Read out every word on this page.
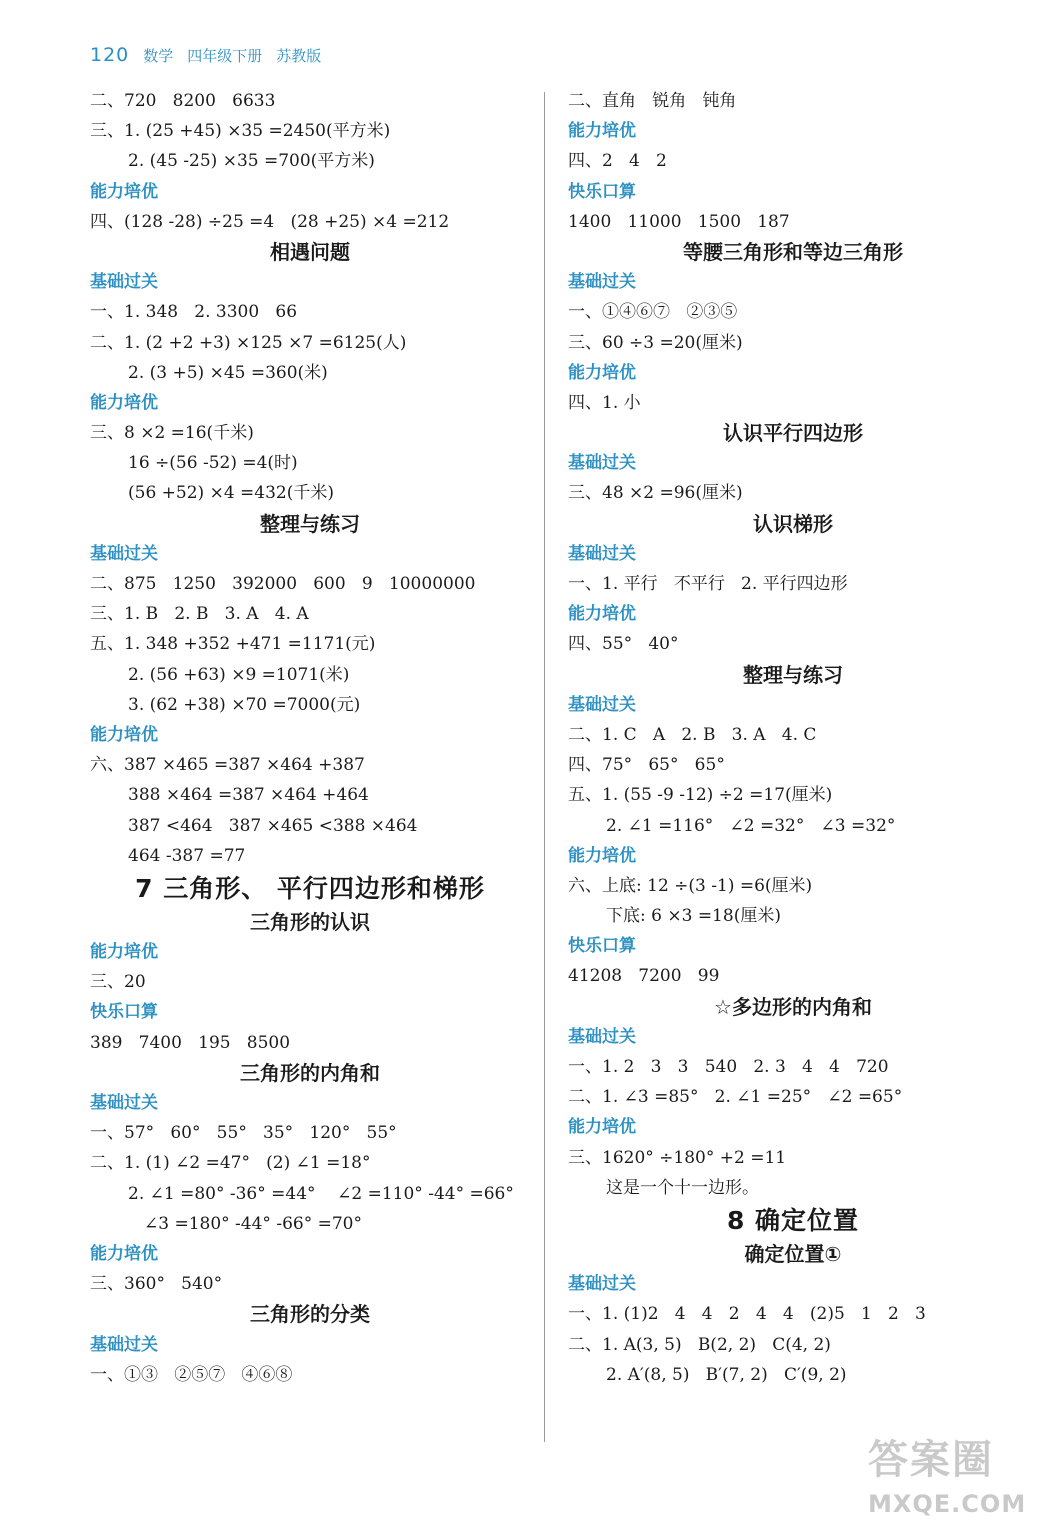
120 数学 四年级下册 苏教版
二、720   8200   6633
三、1. (25 +45) ×35 =2450(平方米)
2. (45 -25) ×35 =700(平方米)
能力培优
四、(128 -28) ÷25 =4   (28 +25) ×4 =212
相遇问题
基础过关
一、1. 348   2. 3300   66
二、1. (2 +2 +3) ×125 ×7 =6125(人)
2. (3 +5) ×45 =360(米)
能力培优
三、8 ×2 =16(千米)
16 ÷(56 -52) =4(时)
(56 +52) ×4 =432(千米)
整理与练习
基础过关
二、875   1250   392000   600   9   10000000
三、1. B   2. B   3. A   4. A
五、1. 348 +352 +471 =1171(元)
2. (56 +63) ×9 =1071(米)
3. (62 +38) ×70 =7000(元)
能力培优
六、387 ×465 =387 ×464 +387
388 ×464 =387 ×464 +464
387 <464   387 ×465 <388 ×464
464 -387 =77
7 三角形、 平行四边形和梯形
三角形的认识
能力培优
三、20
快乐口算
389   7400   195   8500
三角形的内角和
基础过关
一、57°   60°   55°   35°   120°   55°
二、1. (1) ∠2 =47°   (2) ∠1 =18°
2. ∠1 =80° -36° =44°    ∠2 =110° -44° =66°
∠3 =180° -44° -66° =70°
能力培优
三、360°   540°
三角形的分类
基础过关
一、①③   ②⑤⑦   ④⑥⑧
二、直角   锐角   钝角
能力培优
四、2   4   2
快乐口算
1400   11000   1500   187
等腰三角形和等边三角形
基础过关
一、①④⑥⑦   ②③⑤
三、60 ÷3 =20(厘米)
能力培优
四、1. 小
认识平行四边形
基础过关
三、48 ×2 =96(厘米)
认识梯形
基础过关
一、1. 平行   不平行   2. 平行四边形
能力培优
四、55°   40°
整理与练习
基础过关
二、1. C   A   2. B   3. A   4. C
四、75°   65°   65°
五、1. (55 -9 -12) ÷2 =17(厘米)
2. ∠1 =116°   ∠2 =32°   ∠3 =32°
能力培优
六、上底: 12 ÷(3 -1) =6(厘米)
下底: 6 ×3 =18(厘米)
快乐口算
41208   7200   99
☆多边形的内角和
基础过关
一、1. 2   3   3   540   2. 3   4   4   720
二、1. ∠3 =85°   2. ∠1 =25°   ∠2 =65°
能力培优
三、1620° ÷180° +2 =11
这是一个十一边形。
8 确定位置
确定位置①
基础过关
一、1. (1)2   4   4   2   4   4   (2)5   1   2   3
二、1. A(3, 5)   B(2, 2)   C(4, 2)
2. A′(8, 5)   B′(7, 2)   C′(9, 2)
答案圈
MXQE.COM
